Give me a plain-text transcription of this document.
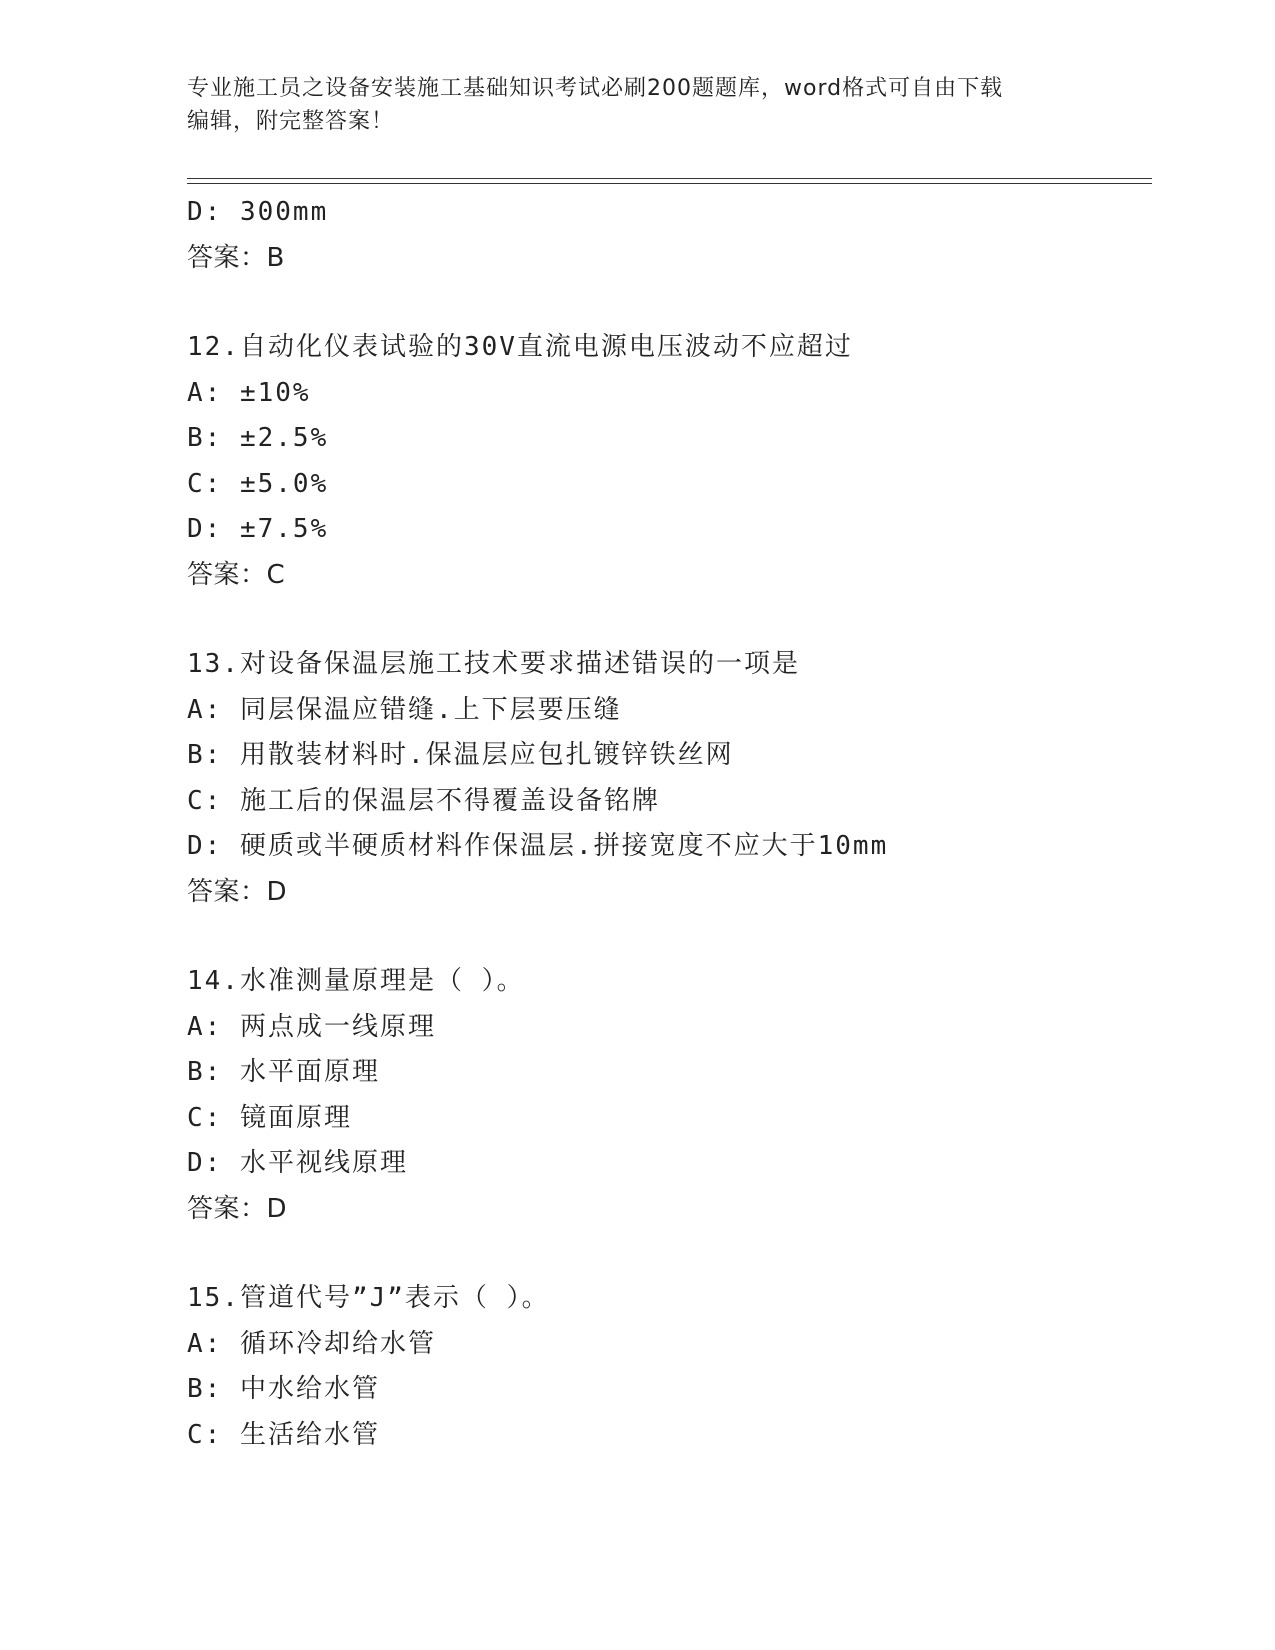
专业施工员之设备安装施工基础知识考试必刷200题题库，word格式可自由下载
编辑，附完整答案！
D: 300mm
答案：B
12.自动化仪表试验的30V直流电源电压波动不应超过
A: ±10%
B: ±2.5%
C: ±5.0%
D: ±7.5%
答案：C
13.对设备保温层施工技术要求描述错误的一项是
A: 同层保温应错缝.上下层要压缝
B: 用散装材料时.保温层应包扎镀锌铁丝网
C: 施工后的保温层不得覆盖设备铭牌
D: 硬质或半硬质材料作保温层.拼接宽度不应大于10mm
答案：D
14.水准测量原理是（ ）。
A: 两点成一线原理
B: 水平面原理
C: 镜面原理
D: 水平视线原理
答案：D
15.管道代号”J”表示（ ）。
A: 循环冷却给水管
B: 中水给水管
C: 生活给水管
